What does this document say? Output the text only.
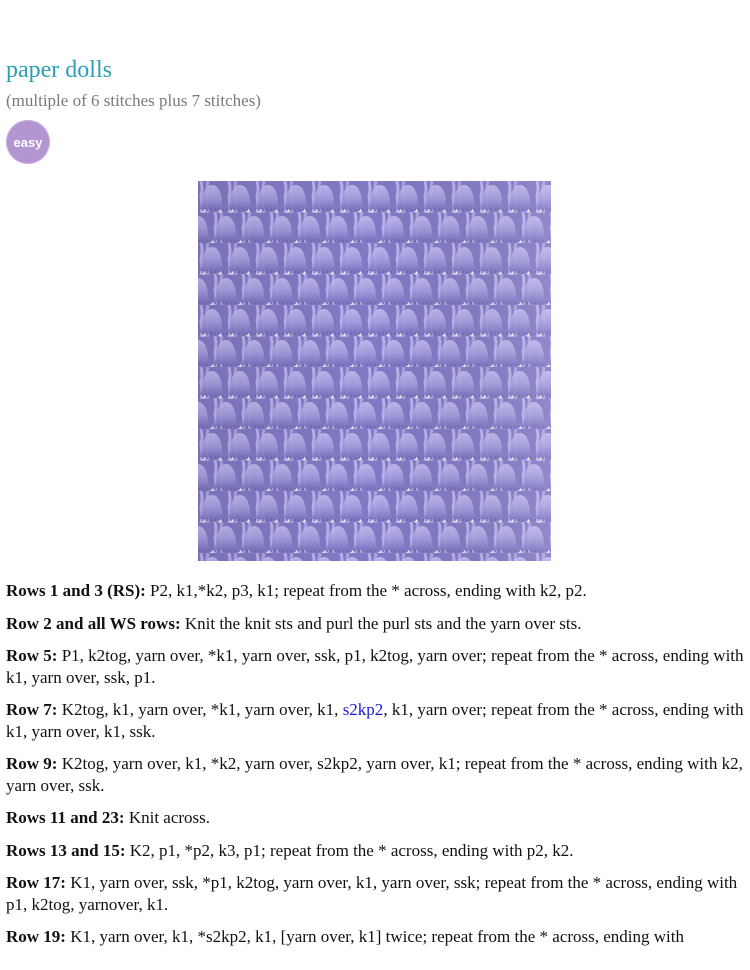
paper dolls
(multiple of 6 stitches plus 7 stitches)
easy

Rows 1 and 3 (RS): P2, k1,*k2, p3, k1; repeat from the * across, ending with k2, p2.

Row 2 and all WS rows: Knit the knit sts and purl the purl sts and the yarn over sts.

Row 5: P1, k2tog, yarn over, *k1, yarn over, ssk, p1, k2tog, yarn over; repeat from the * across, ending with k1, yarn over, ssk, p1.

Row 7: K2tog, k1, yarn over, *k1, yarn over, k1, s2kp2, k1, yarn over; repeat from the * across, ending with k1, yarn over, k1, ssk.

Row 9: K2tog, yarn over, k1, *k2, yarn over, s2kp2, yarn over, k1; repeat from the * across, ending with k2, yarn over, ssk.

Rows 11 and 23: Knit across.

Rows 13 and 15: K2, p1, *p2, k3, p1; repeat from the * across, ending with p2, k2.

Row 17: K1, yarn over, ssk, *p1, k2tog, yarn over, k1, yarn over, ssk; repeat from the * across, ending with p1, k2tog, yarnover, k1.

Row 19: K1, yarn over, k1, *s2kp2, k1, [yarn over, k1] twice; repeat from the * across, ending with
